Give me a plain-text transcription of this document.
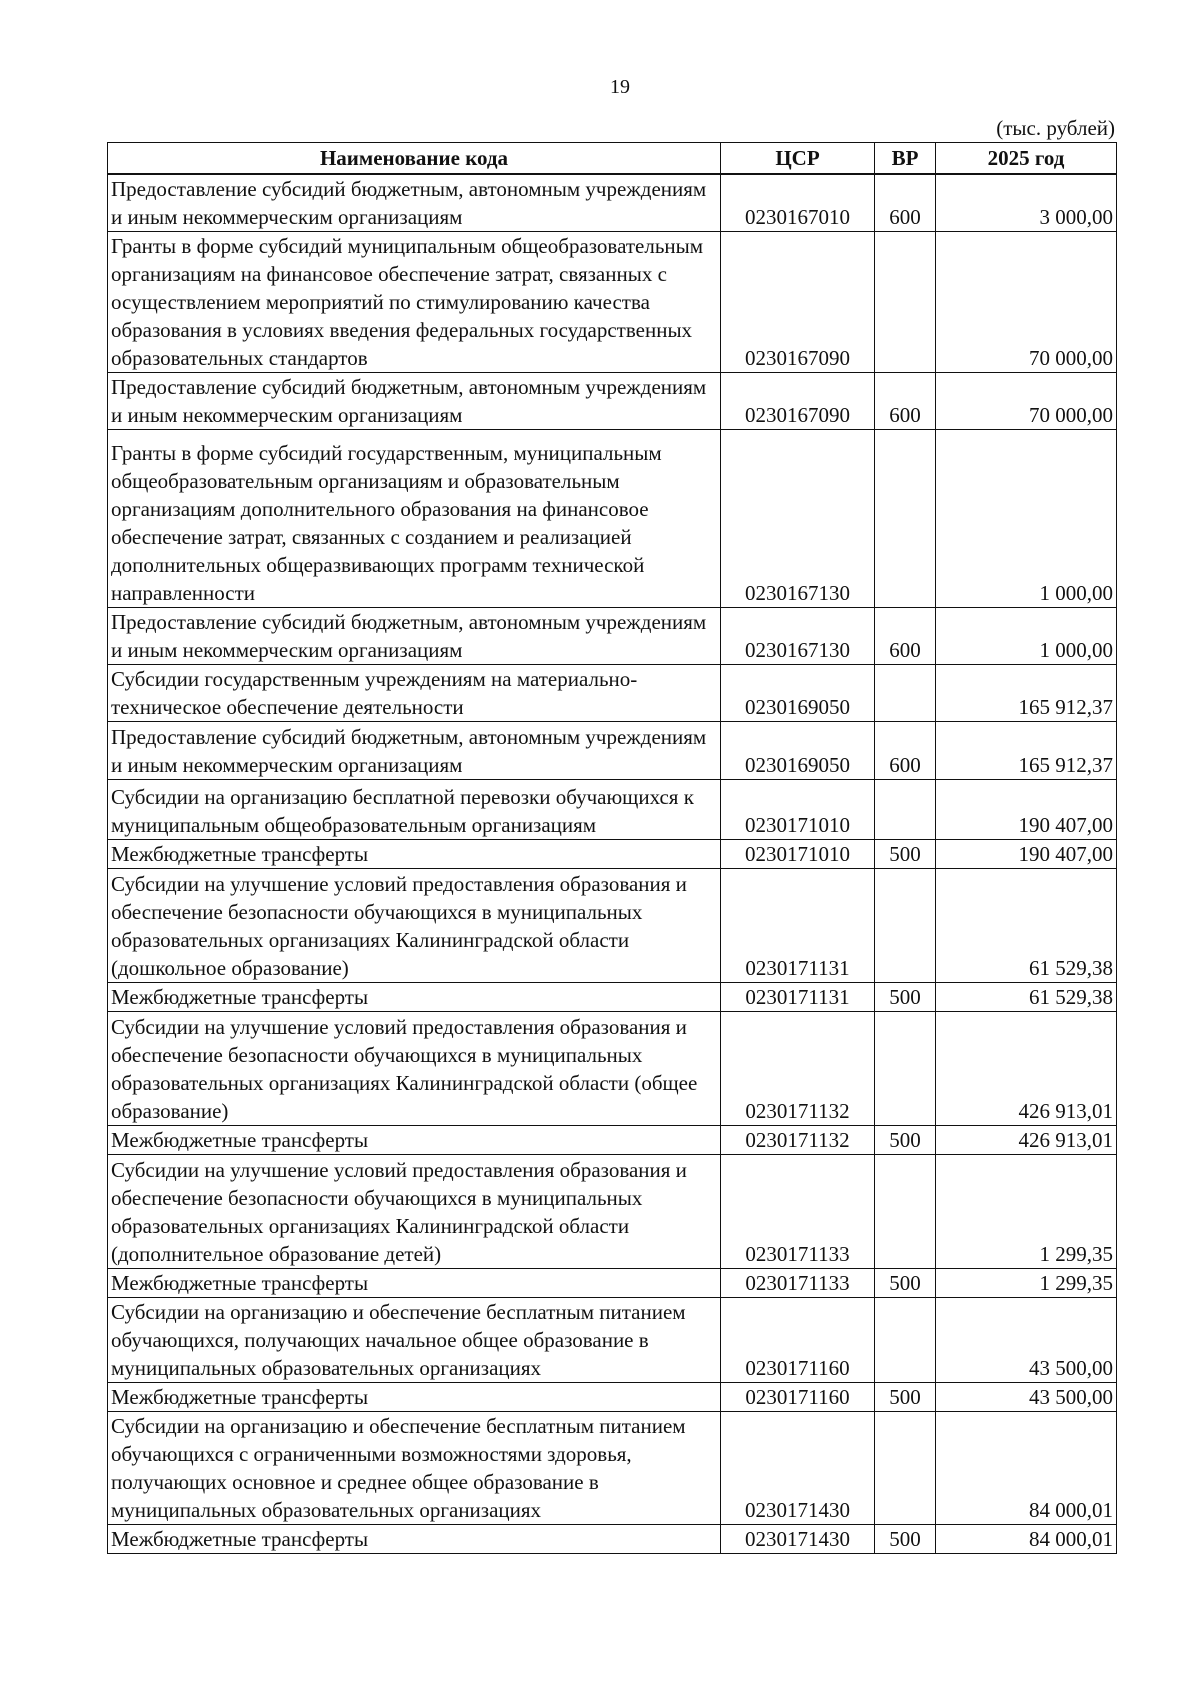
19
(тыс. рублей)
Наименование кода	ЦСР	ВР	2025 год
Предоставление субсидий бюджетным, автономным учреждениям и иным некоммерческим организациям	0230167010	600	3 000,00
Гранты в форме субсидий муниципальным общеобразовательным организациям на финансовое обеспечение затрат, связанных с осуществлением мероприятий по стимулированию качества образования в условиях введения федеральных государственных образовательных стандартов	0230167090		70 000,00
Предоставление субсидий бюджетным, автономным учреждениям и иным некоммерческим организациям	0230167090	600	70 000,00
Гранты в форме субсидий государственным, муниципальным общеобразовательным организациям и образовательным организациям дополнительного образования на финансовое обеспечение затрат, связанных с созданием и реализацией дополнительных общеразвивающих программ технической направленности	0230167130		1 000,00
Предоставление субсидий бюджетным, автономным учреждениям и иным некоммерческим организациям	0230167130	600	1 000,00
Субсидии государственным учреждениям на материально-техническое обеспечение деятельности	0230169050		165 912,37
Предоставление субсидий бюджетным, автономным учреждениям и иным некоммерческим организациям	0230169050	600	165 912,37
Субсидии на организацию бесплатной перевозки обучающихся к муниципальным общеобразовательным организациям	0230171010		190 407,00
Межбюджетные трансферты	0230171010	500	190 407,00
Субсидии на улучшение условий предоставления образования и обеспечение безопасности обучающихся в муниципальных образовательных организациях Калининградской области (дошкольное образование)	0230171131		61 529,38
Межбюджетные трансферты	0230171131	500	61 529,38
Субсидии на улучшение условий предоставления образования и обеспечение безопасности обучающихся в муниципальных образовательных организациях Калининградской области (общее образование)	0230171132		426 913,01
Межбюджетные трансферты	0230171132	500	426 913,01
Субсидии на улучшение условий предоставления образования и обеспечение безопасности обучающихся в муниципальных образовательных организациях Калининградской области (дополнительное образование детей)	0230171133		1 299,35
Межбюджетные трансферты	0230171133	500	1 299,35
Субсидии на организацию и обеспечение бесплатным питанием обучающихся, получающих начальное общее образование в муниципальных образовательных организациях	0230171160		43 500,00
Межбюджетные трансферты	0230171160	500	43 500,00
Субсидии на организацию и обеспечение бесплатным питанием обучающихся с ограниченными возможностями здоровья, получающих основное и среднее общее образование в муниципальных образовательных организациях	0230171430		84 000,01
Межбюджетные трансферты	0230171430	500	84 000,01
